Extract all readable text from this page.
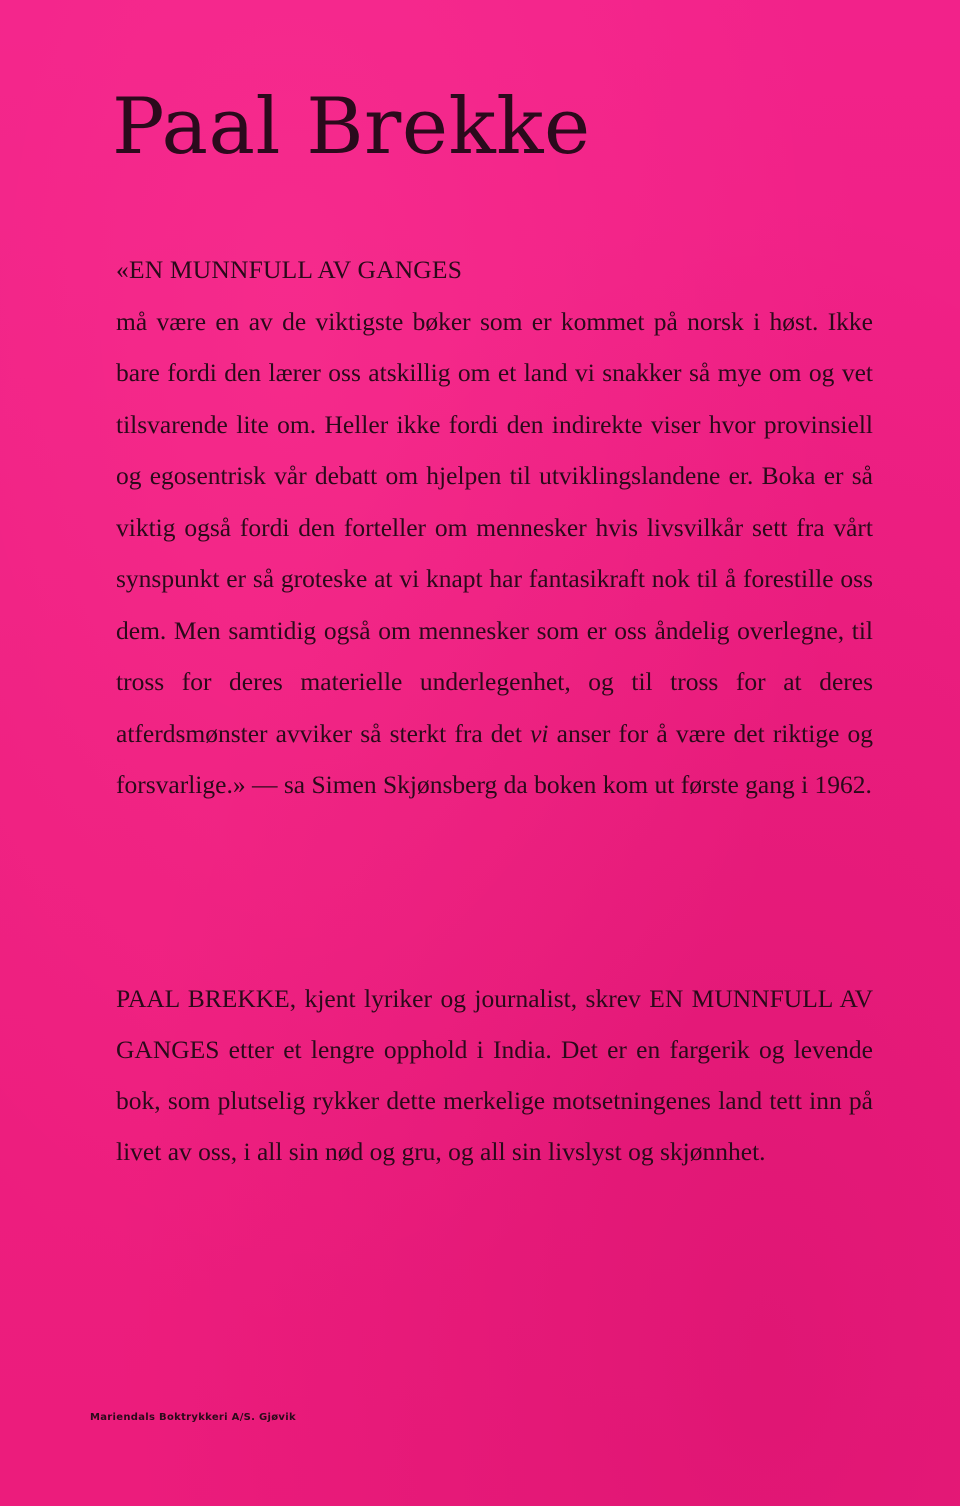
Paal Brekke

«EN MUNNFULL AV GANGES

må være en av de viktigste bøker som er kommet på norsk i høst. Ikke bare fordi den lærer oss atskillig om et land vi snakker så mye om og vet tilsvarende lite om. Heller ikke fordi den indirekte viser hvor provinsiell og egosentrisk vår debatt om hjelpen til utviklingslandene er. Boka er så viktig også fordi den forteller om mennesker hvis livsvilkår sett fra vårt synspunkt er så groteske at vi knapt har fantasikraft nok til å forestille oss dem. Men samtidig også om mennesker som er oss åndelig overlegne, til tross for deres materielle underlegenhet, og til tross for at deres atferdsmønster avviker så sterkt fra det vi anser for å være det riktige og forsvarlige.» — sa Simen Skjønsberg da boken kom ut første gang i 1962.

PAAL BREKKE, kjent lyriker og journalist, skrev EN MUNNFULL AV GANGES etter et lengre opphold i India. Det er en fargerik og levende bok, som plutselig rykker dette merkelige motsetningenes land tett inn på livet av oss, i all sin nød og gru, og all sin livslyst og skjønnhet.

Mariendals Boktrykkeri A/S. Gjøvik
